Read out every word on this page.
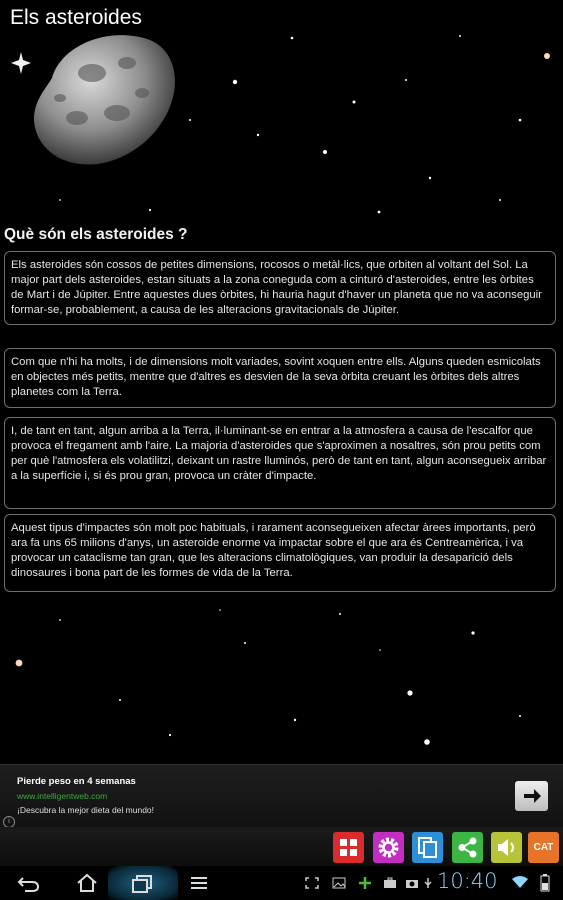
Els asteroides
Què són els asteroides ?
Els asteroides són cossos de petites dimensions, rocosos o metàl·lics, que orbiten al voltant del Sol. La major part dels asteroides, estan situats a la zona coneguda com a cinturó d'asteroides, entre les òrbites de Mart i de Júpiter. Entre aquestes dues òrbites, hi hauria hagut d'haver un planeta que no va aconseguir formar-se, probablement, a causa de les alteracions gravitacionals de Júpiter.
Com que n'hi ha molts, i de dimensions molt variades, sovint xoquen entre ells. Alguns queden esmicolats en objectes més petits, mentre que d'altres es desvien de la seva òrbita creuant les òrbites dels altres planetes com la Terra.
I, de tant en tant, algun arriba a la Terra, il·luminant-se en entrar a la atmosfera a causa de l'escalfor que provoca el fregament amb l'aire. La majoria d'asteroides que s'aproximen a nosaltres, són prou petits com per què l'atmosfera els volatilitzi, deixant un rastre lluminós, però de tant en tant, algun aconsegueix arribar a la superfície i, si és prou gran, provoca un cràter d'impacte.
Aquest tipus d'impactes són molt poc habituals, i rarament aconsegueixen afectar àrees importants, però ara fa uns 65 milions d'anys, un asteroide enorme va impactar sobre el que ara és Centreamèrica, i va provocar un cataclisme tan gran, que les alteracions climatològiques, van produir la desaparició dels dinosaures i bona part de les formes de vida de la Terra.
Pierde peso en 4 semanas
www.intelligentweb.com
¡Descubra la mejor dieta del mundo!
i
CAT
10:40
